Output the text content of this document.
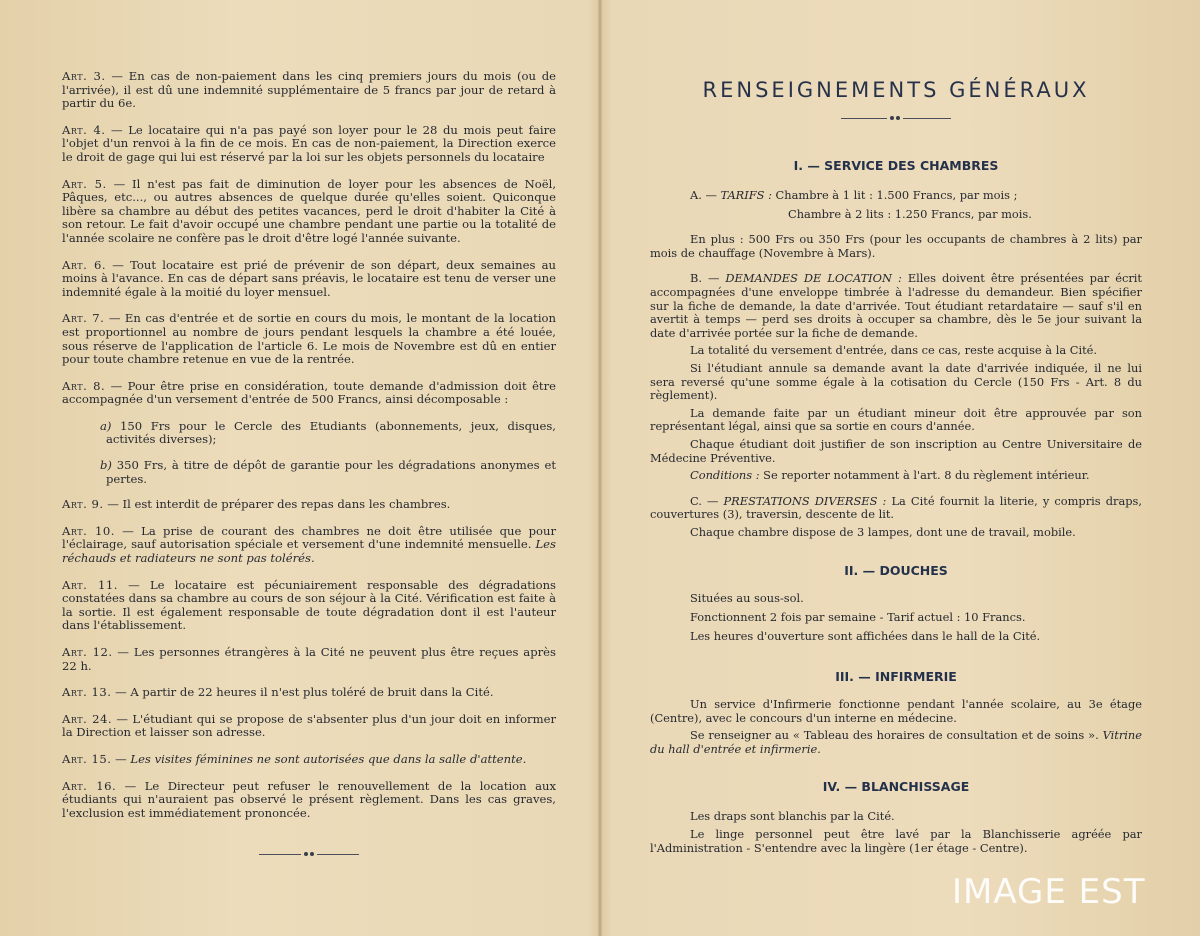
Art. 3. — En cas de non-paiement dans les cinq premiers jours du mois (ou de l'arrivée), il est dû une indemnité supplémentaire de 5 francs par jour de retard à partir du 6e.

Art. 4. — Le locataire qui n'a pas payé son loyer pour le 28 du mois peut faire l'objet d'un renvoi à la fin de ce mois. En cas de non-paiement, la Direction exerce le droit de gage qui lui est réservé par la loi sur les objets personnels du locataire

Art. 5. — Il n'est pas fait de diminution de loyer pour les absences de Noël, Pâques, etc..., ou autres absences de quelque durée qu'elles soient. Quiconque libère sa chambre au début des petites vacances, perd le droit d'habiter la Cité à son retour. Le fait d'avoir occupé une chambre pendant une partie ou la totalité de l'année scolaire ne confère pas le droit d'être logé l'année suivante.

Art. 6. — Tout locataire est prié de prévenir de son départ, deux semaines au moins à l'avance. En cas de départ sans préavis, le locataire est tenu de verser une indemnité égale à la moitié du loyer mensuel.

Art. 7. — En cas d'entrée et de sortie en cours du mois, le montant de la location est proportionnel au nombre de jours pendant lesquels la chambre a été louée, sous réserve de l'application de l'article 6. Le mois de Novembre est dû en entier pour toute chambre retenue en vue de la rentrée.

Art. 8. — Pour être prise en considération, toute demande d'admission doit être accompagnée d'un versement d'entrée de 500 Francs, ainsi décomposable :

a) 150 Frs pour le Cercle des Etudiants (abonnements, jeux, disques, activités diverses);

b) 350 Frs, à titre de dépôt de garantie pour les dégradations anonymes et pertes.

Art. 9. — Il est interdit de préparer des repas dans les chambres.

Art. 10. — La prise de courant des chambres ne doit être utilisée que pour l'éclairage, sauf autorisation spéciale et versement d'une indemnité mensuelle. Les réchauds et radiateurs ne sont pas tolérés.

Art. 11. — Le locataire est pécuniairement responsable des dégradations constatées dans sa chambre au cours de son séjour à la Cité. Vérification est faite à la sortie. Il est également responsable de toute dégradation dont il est l'auteur dans l'établissement.

Art. 12. — Les personnes étrangères à la Cité ne peuvent plus être reçues après 22 h.

Art. 13. — A partir de 22 heures il n'est plus toléré de bruit dans la Cité.

Art. 24. — L'étudiant qui se propose de s'absenter plus d'un jour doit en informer la Direction et laisser son adresse.

Art. 15. — Les visites féminines ne sont autorisées que dans la salle d'attente.

Art. 16. — Le Directeur peut refuser le renouvellement de la location aux étudiants qui n'auraient pas observé le présent règlement. Dans les cas graves, l'exclusion est immédiatement prononcée.

RENSEIGNEMENTS GÉNÉRAUX
I. — SERVICE DES CHAMBRES

A. — TARIFS : Chambre à 1 lit : 1.500 Francs, par mois ;

Chambre à 2 lits : 1.250 Francs, par mois.

En plus : 500 Frs ou 350 Frs (pour les occupants de chambres à 2 lits) par mois de chauffage (Novembre à Mars).

B. — DEMANDES DE LOCATION : Elles doivent être présentées par écrit accompagnées d'une enveloppe timbrée à l'adresse du demandeur. Bien spécifier sur la fiche de demande, la date d'arrivée. Tout étudiant retardataire — sauf s'il en avertit à temps — perd ses droits à occuper sa chambre, dès le 5e jour suivant la date d'arrivée portée sur la fiche de demande.

La totalité du versement d'entrée, dans ce cas, reste acquise à la Cité.

Si l'étudiant annule sa demande avant la date d'arrivée indiquée, il ne lui sera reversé qu'une somme égale à la cotisation du Cercle (150 Frs - Art. 8 du règlement).

La demande faite par un étudiant mineur doit être approuvée par son représentant légal, ainsi que sa sortie en cours d'année.

Chaque étudiant doit justifier de son inscription au Centre Universitaire de Médecine Préventive.

Conditions : Se reporter notamment à l'art. 8 du règlement intérieur.

C. — PRESTATIONS DIVERSES : La Cité fournit la literie, y compris draps, couvertures (3), traversin, descente de lit.

Chaque chambre dispose de 3 lampes, dont une de travail, mobile.

II. — DOUCHES

Situées au sous-sol.

Fonctionnent 2 fois par semaine - Tarif actuel : 10 Francs.

Les heures d'ouverture sont affichées dans le hall de la Cité.

III. — INFIRMERIE

Un service d'Infirmerie fonctionne pendant l'année scolaire, au 3e étage (Centre), avec le concours d'un interne en médecine.

Se renseigner au « Tableau des horaires de consultation et de soins ». Vitrine du hall d'entrée et infirmerie.

IV. — BLANCHISSAGE

Les draps sont blanchis par la Cité.

Le linge personnel peut être lavé par la Blanchisserie agréée par l'Administration - S'entendre avec la lingère (1er étage - Centre).

IMAGE EST
